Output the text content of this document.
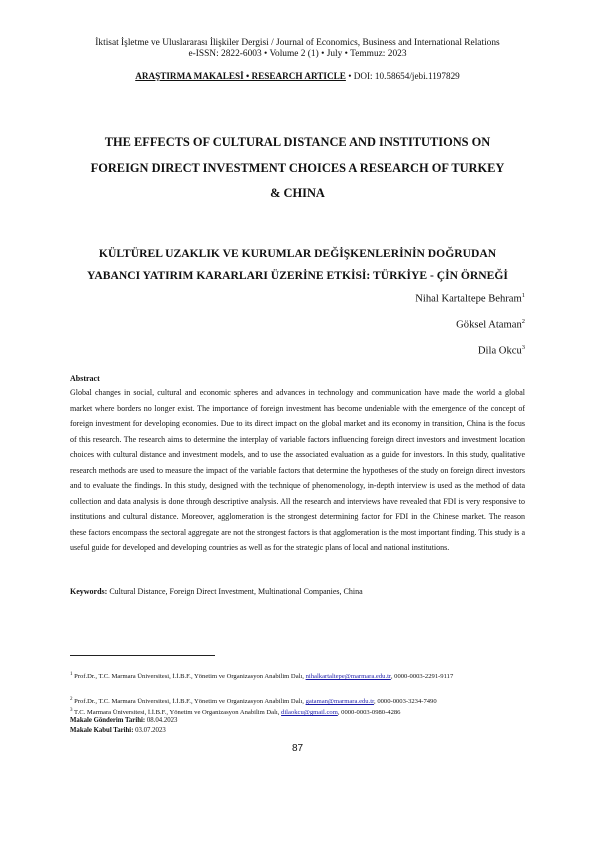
İktisat İşletme ve Uluslararası İlişkiler Dergisi / Journal of Economics, Business and International Relations
e-ISSN: 2822-6003 • Volume 2 (1) • July • Temmuz: 2023
ARAŞTIRMA MAKALESİ • RESEARCH ARTICLE • DOI: 10.58654/jebi.1197829
THE EFFECTS OF CULTURAL DISTANCE AND INSTITUTIONS ON
FOREIGN DIRECT INVESTMENT CHOICES A RESEARCH OF TURKEY
& CHINA
KÜLTÜREL UZAKLIK VE KURUMLAR DEĞİŞKENLERİNİN DOĞRUDAN
YABANCI YATIRIM KARARLARI ÜZERİNE ETKİSİ: TÜRKİYE - ÇİN ÖRNEĞİ
Nihal Kartaltepe Behram$^1$
Göksel Ataman$^2$
Dila Okcu$^3$
Abstract

Global changes in social, cultural and economic spheres and advances in technology and communication have made the world a global market where borders no longer exist. The importance of foreign investment has become undeniable with the emergence of the concept of foreign investment for developing economies. Due to its direct impact on the global market and its economy in transition, China is the focus of this research. The research aims to determine the interplay of variable factors influencing foreign direct investors and investment location choices with cultural distance and investment models, and to use the associated evaluation as a guide for investors. In this study, qualitative research methods are used to measure the impact of the variable factors that determine the hypotheses of the study on foreign direct investors and to evaluate the findings. In this study, designed with the technique of phenomenology, in-depth interview is used as the method of data collection and data analysis is done through descriptive analysis. All the research and interviews have revealed that FDI is very responsive to institutions and cultural distance. Moreover, agglomeration is the strongest determining factor for FDI in the Chinese market. The reason these factors encompass the sectoral aggregate are not the strongest factors is that agglomeration is the most important finding. This study is a useful guide for developed and developing countries as well as for the strategic plans of local and national institutions.

Keywords: Cultural Distance, Foreign Direct Investment, Multinational Companies, China
$^1$ Prof.Dr., T.C. Marmara Üniversitesi, İ.İ.B.F., Yönetim ve Organizasyon Anabilim Dalı, nihalkartaltepe@marmara.edu.tr, 0000-0003-2291-9117
$^2$ Prof.Dr., T.C. Marmara Üniversitesi, İ.İ.B.F., Yönetim ve Organizasyon Anabilim Dalı, gataman@marmara.edu.tr, 0000-0003-3234-7490
$^3$ T.C. Marmara Üniversitesi, İ.İ.B.F., Yönetim ve Organizasyon Anabilim Dalı, dilaokcu@gmail.com, 0000-0003-0980-4286
Makale Gönderim Tarihi: 08.04.2023
Makale Kabul Tarihi: 03.07.2023
87
